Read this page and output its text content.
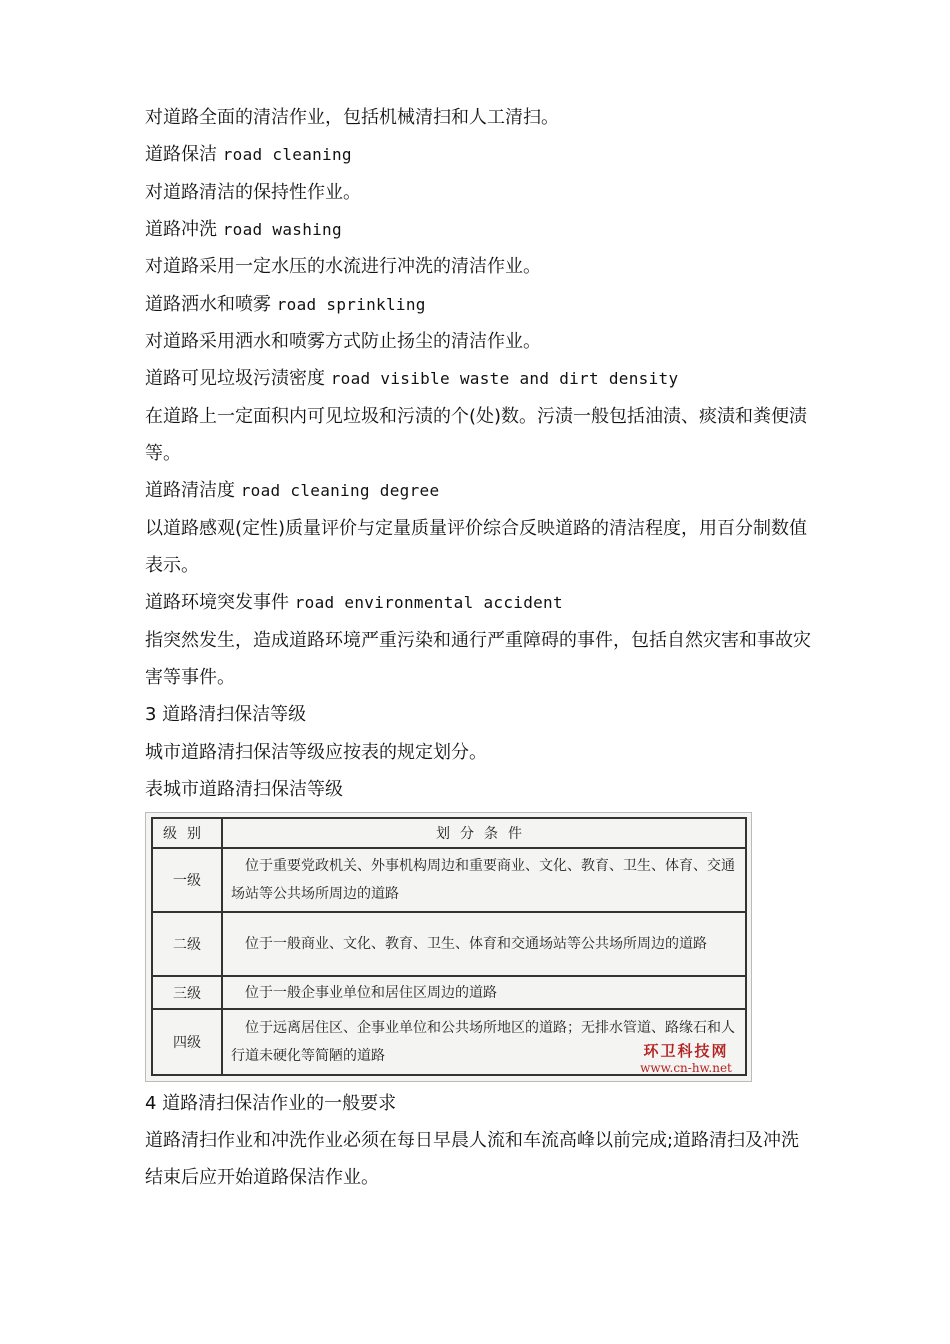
对道路全面的清洁作业，包括机械清扫和人工清扫。
道路保洁 road cleaning
对道路清洁的保持性作业。
道路冲洗 road washing
对道路采用一定水压的水流进行冲洗的清洁作业。
道路洒水和喷雾 road sprinkling
对道路采用洒水和喷雾方式防止扬尘的清洁作业。
道路可见垃圾污渍密度 road visible waste and dirt density
在道路上一定面积内可见垃圾和污渍的个(处)数。污渍一般包括油渍、痰渍和粪便渍等。
道路清洁度 road cleaning degree
以道路感观(定性)质量评价与定量质量评价综合反映道路的清洁程度，用百分制数值表示。
道路环境突发事件 road environmental accident
指突然发生，造成道路环境严重污染和通行严重障碍的事件，包括自然灾害和事故灾害等事件。
3 道路清扫保洁等级
城市道路清扫保洁等级应按表的规定划分。
表城市道路清扫保洁等级
级别	划分条件
一级	位于重要党政机关、外事机构周边和重要商业、文化、教育、卫生、体育、交通场站等公共场所周边的道路
二级	位于一般商业、文化、教育、卫生、体育和交通场站等公共场所周边的道路
三级	位于一般企事业单位和居住区周边的道路
四级	位于远离居住区、企事业单位和公共场所地区的道路；无排水管道、路缘石和人行道未硬化等简陋的道路	环卫科技网
www.cn-hw.net
4 道路清扫保洁作业的一般要求
道路清扫作业和冲洗作业必须在每日早晨人流和车流高峰以前完成;道路清扫及冲洗结束后应开始道路保洁作业。
